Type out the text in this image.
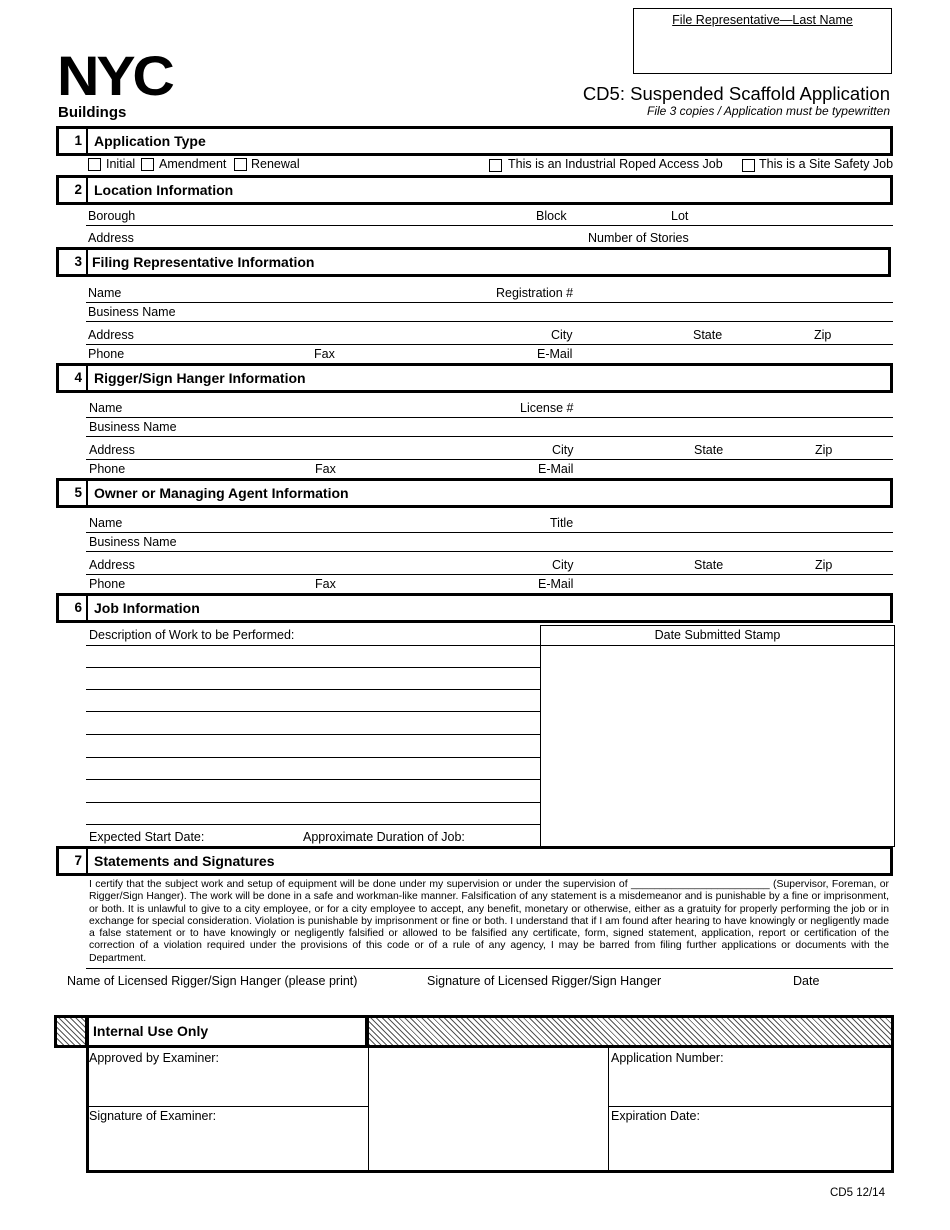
File Representative—Last Name
NYC
Buildings
CD5: Suspended Scaffold Application
File 3 copies / Application must be typewritten
1 Application Type
Initial Amendment Renewal	This is an Industrial Roped Access Job	This is a Site Safety Job
2 Location Information
Borough	Block	Lot
Address	Number of Stories
3 Filing Representative Information
Name	Registration #
Business Name
Address	City	State	Zip
Phone	Fax	E-Mail
4 Rigger/Sign Hanger Information
Name	License #
Business Name
Address	City	State	Zip
Phone	Fax	E-Mail
5 Owner or Managing Agent Information
Name	Title
Business Name
Address	City	State	Zip
Phone	Fax	E-Mail
6 Job Information
Description of Work to be Performed:
Expected Start Date:	Approximate Duration of Job:
Date Submitted Stamp
7 Statements and Signatures
I certify that the subject work and setup of equipment will be done under my supervision or under the supervision of ________________________ (Supervisor, Foreman, or Rigger/Sign Hanger). The work will be done in a safe and workman-like manner. Falsification of any statement is a misdemeanor and is punishable by a fine or imprisonment, or both. It is unlawful to give to a city employee, or for a city employee to accept, any benefit, monetary or otherwise, either as a gratuity for properly performing the job or in exchange for special consideration. Violation is punishable by imprisonment or fine or both. I understand that if I am found after hearing to have knowingly or negligently made a false statement or to have knowingly or negligently falsified or allowed to be falsified any certificate, form, signed statement, application, report or certification of the correction of a violation required under the provisions of this code or of a rule of any agency, I may be barred from filing further applications or documents with the Department.
Name of Licensed Rigger/Sign Hanger (please print)	Signature of Licensed Rigger/Sign Hanger	Date
Internal Use Only
Approved by Examiner:
Signature of Examiner:
Application Number:
Expiration Date:
CD5 12/14
